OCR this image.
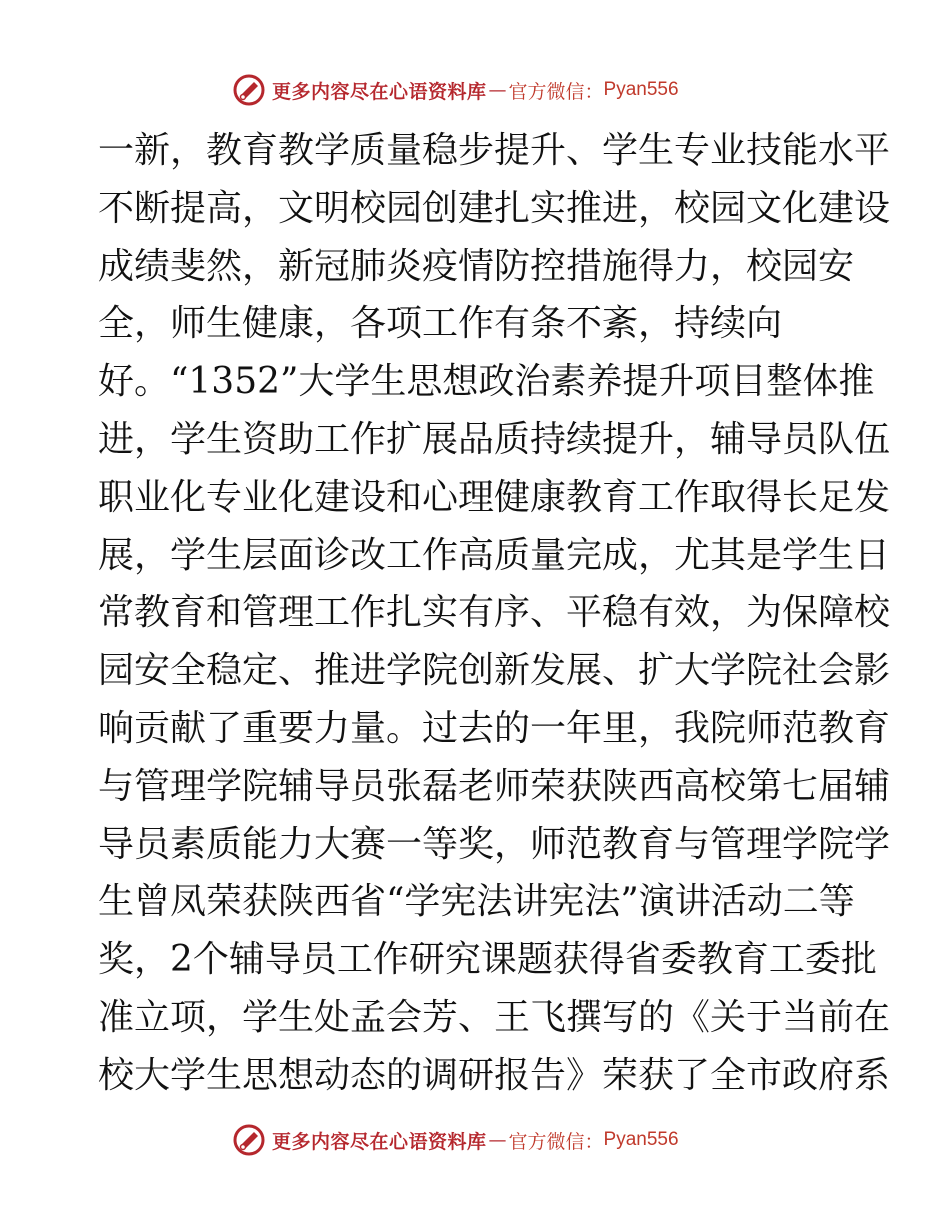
更多内容尽在心语资料库 — 官方微信： Pyan556
一新，教育教学质量稳步提升、学生专业技能水平
不断提高，文明校园创建扎实推进，校园文化建设
成绩斐然，新冠肺炎疫情防控措施得力，校园安
全，师生健康，各项工作有条不紊，持续向
好。“1352”大学生思想政治素养提升项目整体推
进，学生资助工作扩展品质持续提升，辅导员队伍
职业化专业化建设和心理健康教育工作取得长足发
展，学生层面诊改工作高质量完成，尤其是学生日
常教育和管理工作扎实有序、平稳有效，为保障校
园安全稳定、推进学院创新发展、扩大学院社会影
响贡献了重要力量。过去的一年里，我院师范教育
与管理学院辅导员张磊老师荣获陕西高校第七届辅
导员素质能力大赛一等奖，师范教育与管理学院学
生曾凤荣获陕西省“学宪法讲宪法”演讲活动二等
奖，2个辅导员工作研究课题获得省委教育工委批
准立项，学生处孟会芳、王飞撰写的《关于当前在
校大学生思想动态的调研报告》荣获了全市政府系
更多内容尽在心语资料库 — 官方微信： Pyan556
